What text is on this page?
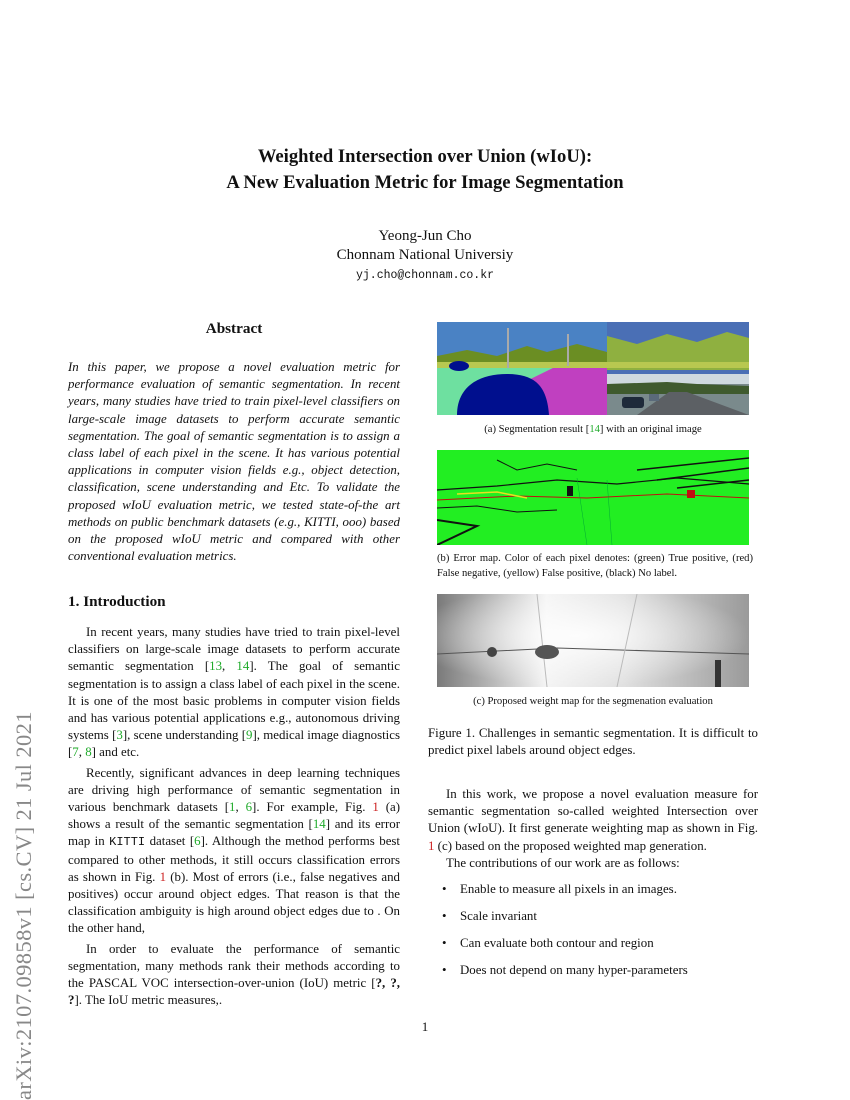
arXiv:2107.09858v1 [cs.CV] 21 Jul 2021
Weighted Intersection over Union (wIoU):
A New Evaluation Metric for Image Segmentation
Yeong-Jun Cho
Chonnam National Universiy
yj.cho@chonnam.co.kr
Abstract
In this paper, we propose a novel evaluation metric for performance evaluation of semantic segmentation. In recent years, many studies have tried to train pixel-level classifiers on large-scale image datasets to perform accurate semantic segmentation. The goal of semantic segmentation is to assign a class label of each pixel in the scene. It has various potential applications in computer vision fields e.g., object detection, classification, scene understanding and Etc. To validate the proposed wIoU evaluation metric, we tested state-of-the art methods on public benchmark datasets (e.g., KITTI, ooo) based on the proposed wIoU metric and compared with other conventional evaluation metrics.
1. Introduction

In recent years, many studies have tried to train pixel-level classifiers on large-scale image datasets to perform accurate semantic segmentation [13, 14]. The goal of semantic segmentation is to assign a class label of each pixel in the scene. It is one of the most basic problems in computer vision fields and has various potential applications e.g., autonomous driving systems [3], scene understanding [9], medical image diagnostics [7, 8] and etc.

Recently, significant advances in deep learning techniques are driving high performance of semantic segmentation in various benchmark datasets [1, 6]. For example, Fig. 1 (a) shows a result of the semantic segmentation [14] and its error map in KITTI dataset [6]. Although the method performs best compared to other methods, it still occurs classification errors as shown in Fig. 1 (b). Most of errors (i.e., false negatives and positives) occur around object edges. That reason is that the classification ambiguity is high around object edges due to . On the other hand,

In order to evaluate the performance of semantic segmentation, many methods rank their methods according to the PASCAL VOC intersection-over-union (IoU) metric [?, ?, ?]. The IoU metric measures,.

(a) Segmentation result [14] with an original image
(b) Error map. Color of each pixel denotes: (green) True positive, (red) False negative, (yellow) False positive, (black) No label.
(c) Proposed weight map for the segmenation evaluation
Figure 1. Challenges in semantic segmentation. It is difficult to predict pixel labels around object edges.

In this work, we propose a novel evaluation measure for semantic segmentation so-called weighted Intersection over Union (wIoU). It first generate weighting map as shown in Fig. 1 (c) based on the proposed weighted map generation.

The contributions of our work are as follows:

• Enable to measure all pixels in an images.
• Scale invariant
• Can evaluate both contour and region
• Does not depend on many hyper-parameters
1
